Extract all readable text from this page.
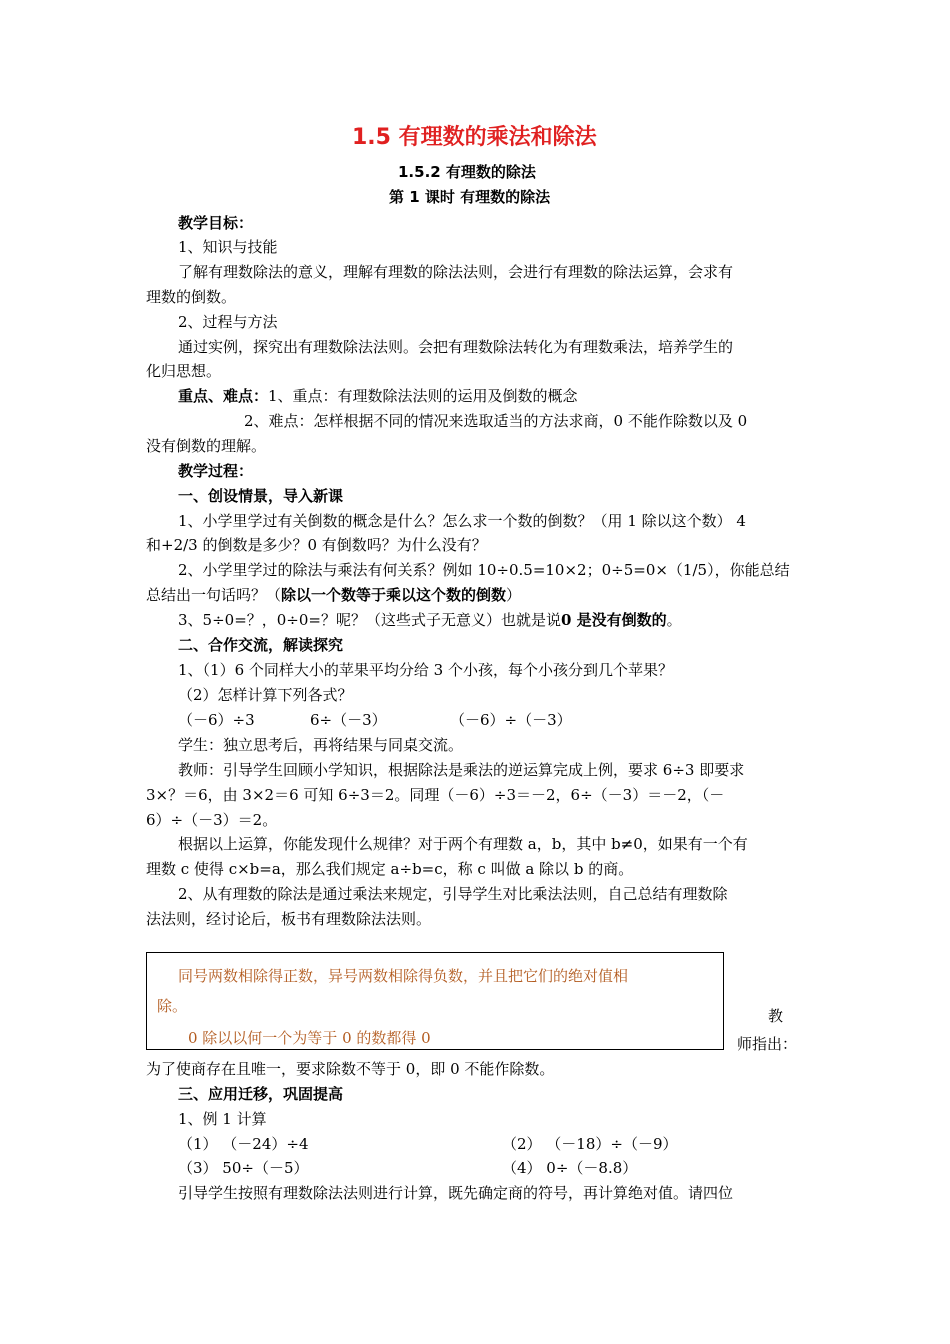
1.5 有理数的乘法和除法
1.5.2 有理数的除法
第 1 课时 有理数的除法
教学目标：
1、知识与技能
了解有理数除法的意义，理解有理数的除法法则，会进行有理数的除法运算，会求有
理数的倒数。
2、过程与方法
通过实例，探究出有理数除法法则。会把有理数除法转化为有理数乘法，培养学生的
化归思想。
重点、难点：1、重点：有理数除法法则的运用及倒数的概念
2、难点：怎样根据不同的情况来选取适当的方法求商，0 不能作除数以及 0
没有倒数的理解。
教学过程：
一、创设情景，导入新课
1、小学里学过有关倒数的概念是什么？怎么求一个数的倒数？（用 1 除以这个数） 4
和+2/3 的倒数是多少？0 有倒数吗？为什么没有？
2、小学里学过的除法与乘法有何关系？例如 10÷0.5=10×2；0÷5=0×（1/5），你能总结
总结出一句话吗？（除以一个数等于乘以这个数的倒数）
3、5÷0=？，0÷0=？呢？（这些式子无意义）也就是说0 是没有倒数的。
二、合作交流，解读探究
1、（1）6 个同样大小的苹果平均分给 3 个小孩，每个小孩分到几个苹果？
（2）怎样计算下列各式？
（－6）÷3	6÷（－3）	（－6）÷（－3）
学生：独立思考后，再将结果与同桌交流。
教师：引导学生回顾小学知识，根据除法是乘法的逆运算完成上例，要求 6÷3 即要求
3×？＝6，由 3×2＝6 可知 6÷3＝2。同理（－6）÷3＝－2，6÷（－3）＝－2，（－
6）÷（－3）＝2。
根据以上运算，你能发现什么规律？对于两个有理数 a，b，其中 b≠0，如果有一个有
理数 c 使得 c×b=a，那么我们规定 a÷b=c，称 c 叫做 a 除以 b 的商。
2、从有理数的除法是通过乘法来规定，引导学生对比乘法法则，自己总结有理数除
法法则，经讨论后，板书有理数除法法则。
同号两数相除得正数，异号两数相除得负数，并且把它们的绝对值相
除。
0 除以以何一个为等于 0 的数都得 0
教
师指出：
为了使商存在且唯一，要求除数不等于 0，即 0 不能作除数。
三、应用迁移，巩固提高
1、例 1 计算
（1） （－24）÷4	（2） （－18）÷（－9）
（3） 50÷（－5）	（4） 0÷（－8.8）
引导学生按照有理数除法法则进行计算，既先确定商的符号，再计算绝对值。请四位
